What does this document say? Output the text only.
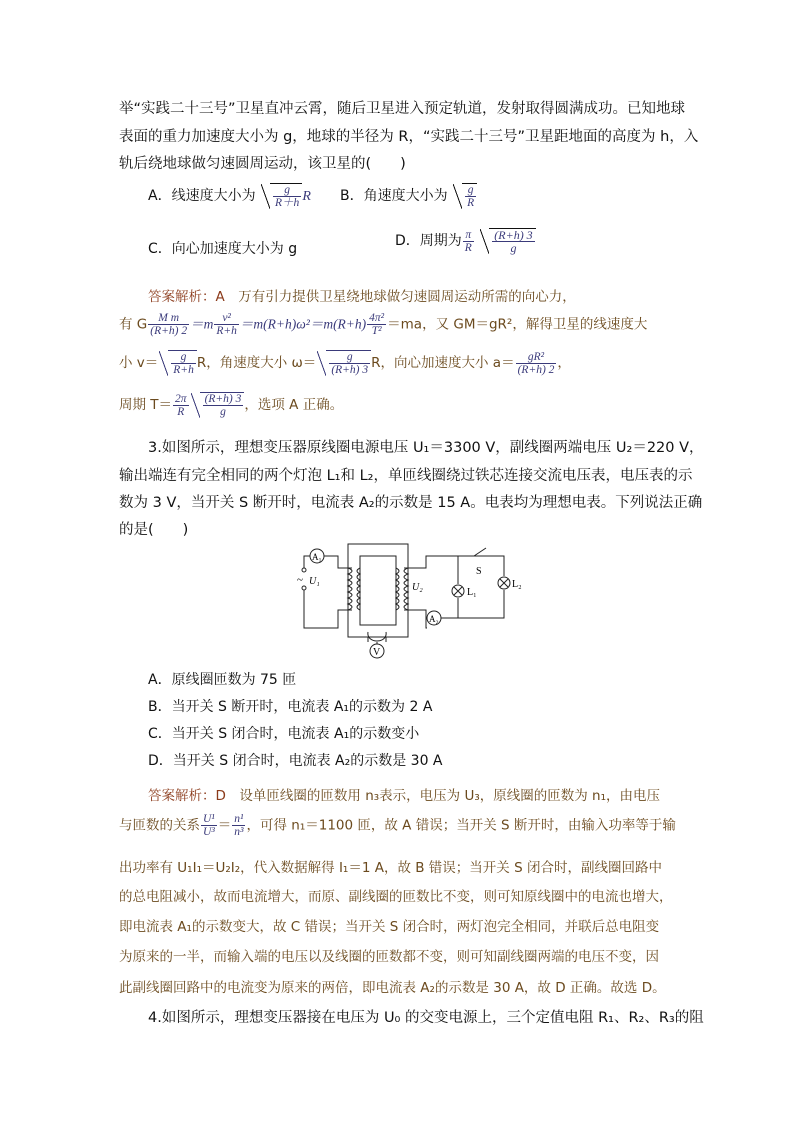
举“实践二十三号”卫星直冲云霄，随后卫星进入预定轨道，发射取得圆满成功。已知地球
表面的重力加速度大小为 g，地球的半径为 R，“实践二十三号”卫星距地面的高度为 h，入
轨后绕地球做匀速圆周运动，该卫星的(　　)
A．线速度大小为 $\frac{g}{R+h}$ R B．角速度大小为 $\frac{g}{R}$
C．向心加速度大小为 g	D．周期为 $\frac{\pi}{R}$
$\frac{(R+h) 3}{g}$
答案解析：A　万有引力提供卫星绕地球做匀速圆周运动所需的向心力，
有 G $\frac{\text{M m}}{(R+h) 2} =m \frac{\text{v²}}{R+h} =m(R+h)\omega^2=m(R+h) \frac{\text{4π²}}{\text{T²}} =ma$，又 GM＝gR²，解得卫星的线速度大
小 $v= \frac{g}{R+h}$ R，角速度大小 $\omega= \frac{g}{(R+h) 3}$ R，向心加速度大小 $a= \frac{\text{gR²}}{(R+h) 2}$ ，
周期 $T= \frac{2\pi}{R} \frac{(R+h) 3}{g}$ ，选项 A 正确。
3.如图所示，理想变压器原线圈电源电压 U₁＝3300 V，副线圈两端电压 U₂＝220 V，
输出端连有完全相同的两个灯泡 L₁和 L₂，单匝线圈绕过铁芯连接交流电压表，电压表的示
数为 3 V，当开关 S 断开时，电流表 A₂的示数是 15 A。电表均为理想电表。下列说法正确
的是(　　)
A₁
A₂
V
~ U₁
U₂
S
L₁
L₂
A．原线圈匝数为 75 匝
B．当开关 S 断开时，电流表 A₁的示数为 2 A
C．当开关 S 闭合时，电流表 A₁的示数变小
D．当开关 S 闭合时，电流表 A₂的示数是 30 A
答案解析：D　设单匝线圈的匝数用 n₃表示，电压为 U₃，原线圈的匝数为 n₁，由电压
与匝数的关系 $\frac{\text{U¹}}{\text{U³}} = \frac{\text{n¹}}{\text{n³}}$ ，可得 n₁＝1100 匝，故 A 错误；当开关 S 断开时，由输入功率等于输
出功率有 U₁I₁＝U₂I₂，代入数据解得 I₁＝1 A，故 B 错误；当开关 S 闭合时，副线圈回路中
的总电阻减小，故而电流增大，而原、副线圈的匝数比不变，则可知原线圈中的电流也增大，
即电流表 A₁的示数变大，故 C 错误；当开关 S 闭合时，两灯泡完全相同，并联后总电阻变
为原来的一半，而输入端的电压以及线圈的匝数都不变，则可知副线圈两端的电压不变，因
此副线圈回路中的电流变为原来的两倍，即电流表 A₂的示数是 30 A，故 D 正确。故选 D。
4.如图所示，理想变压器接在电压为 U₀ 的交变电源上，三个定值电阻 R₁、R₂、R₃的阻
